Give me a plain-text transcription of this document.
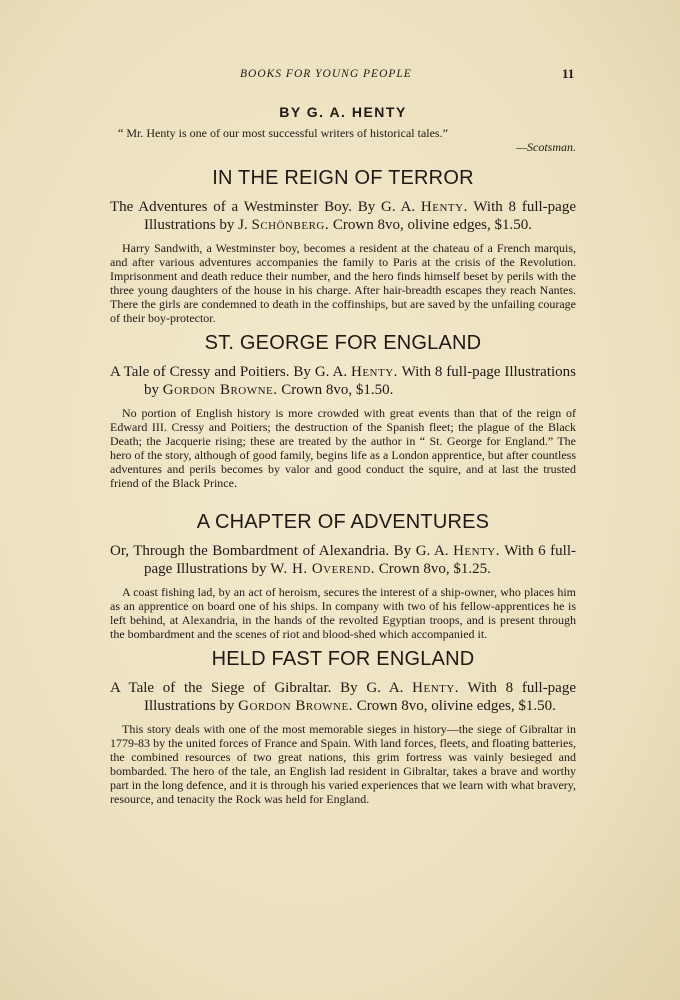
BOOKS FOR YOUNG PEOPLE	11
BY G. A. HENTY

“ Mr. Henty is one of our most successful writers of historical tales.”

—Scotsman.

IN THE REIGN OF TERROR

The Adventures of a Westminster Boy. By G. A. Henty. With 8 full-page Illustrations by J. Schönberg. Crown 8vo, olivine edges, $1.50.

Harry Sandwith, a Westminster boy, becomes a resident at the chateau of a French marquis, and after various adventures accompanies the family to Paris at the crisis of the Revolution. Imprisonment and death reduce their number, and the hero finds himself beset by perils with the three young daughters of the house in his charge. After hair-breadth escapes they reach Nantes. There the girls are condemned to death in the coffinships, but are saved by the unfailing courage of their boy-protector.

ST. GEORGE FOR ENGLAND

A Tale of Cressy and Poitiers. By G. A. Henty. With 8 full-page Illustrations by Gordon Browne. Crown 8vo, $1.50.

No portion of English history is more crowded with great events than that of the reign of Edward III. Cressy and Poitiers; the destruction of the Spanish fleet; the plague of the Black Death; the Jacquerie rising; these are treated by the author in “ St. George for England.” The hero of the story, although of good family, begins life as a London apprentice, but after countless adventures and perils becomes by valor and good conduct the squire, and at last the trusted friend of the Black Prince.

A CHAPTER OF ADVENTURES

Or, Through the Bombardment of Alexandria. By G. A. Henty. With 6 full-page Illustrations by W. H. Overend. Crown 8vo, $1.25.

A coast fishing lad, by an act of heroism, secures the interest of a ship-owner, who places him as an apprentice on board one of his ships. In company with two of his fellow-apprentices he is left behind, at Alexandria, in the hands of the revolted Egyptian troops, and is present through the bombardment and the scenes of riot and blood-shed which accompanied it.

HELD FAST FOR ENGLAND

A Tale of the Siege of Gibraltar. By G. A. Henty. With 8 full-page Illustrations by Gordon Browne. Crown 8vo, olivine edges, $1.50.

This story deals with one of the most memorable sieges in history—the siege of Gibraltar in 1779-83 by the united forces of France and Spain. With land forces, fleets, and floating batteries, the combined resources of two great nations, this grim fortress was vainly besieged and bombarded. The hero of the tale, an English lad resident in Gibraltar, takes a brave and worthy part in the long defence, and it is through his varied experiences that we learn with what bravery, resource, and tenacity the Rock was held for England.
